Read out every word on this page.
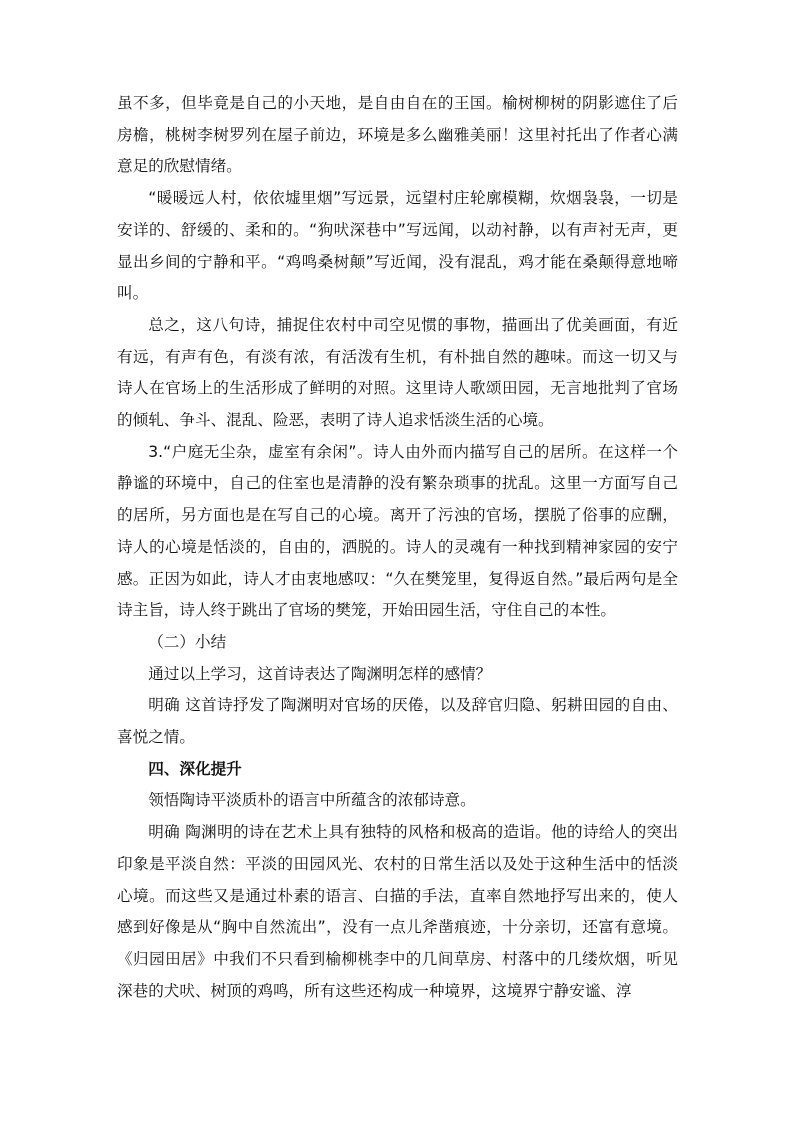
虽不多，但毕竟是自己的小天地，是自由自在的王国。榆树柳树的阴影遮住了后房檐，桃树李树罗列在屋子前边，环境是多么幽雅美丽！这里衬托出了作者心满意足的欣慰情绪。

“暖暖远人村，依依墟里烟”写远景，远望村庄轮廓模糊，炊烟袅袅，一切是安详的、舒缓的、柔和的。“狗吠深巷中”写远闻，以动衬静，以有声衬无声，更显出乡间的宁静和平。“鸡鸣桑树颠”写近闻，没有混乱，鸡才能在桑颠得意地啼叫。

总之，这八句诗，捕捉住农村中司空见惯的事物，描画出了优美画面，有近有远，有声有色，有淡有浓，有活泼有生机，有朴拙自然的趣味。而这一切又与诗人在官场上的生活形成了鲜明的对照。这里诗人歌颂田园，无言地批判了官场的倾轧、争斗、混乱、险恶，表明了诗人追求恬淡生活的心境。

3.“户庭无尘杂，虚室有余闲”。诗人由外而内描写自己的居所。在这样一个静谧的环境中，自己的住室也是清静的没有繁杂琐事的扰乱。这里一方面写自己的居所，另方面也是在写自己的心境。离开了污浊的官场，摆脱了俗事的应酬，诗人的心境是恬淡的，自由的，洒脱的。诗人的灵魂有一种找到精神家园的安宁感。正因为如此，诗人才由衷地感叹：“久在樊笼里，复得返自然。”最后两句是全诗主旨，诗人终于跳出了官场的樊笼，开始田园生活，守住自己的本性。

（二）小结

通过以上学习，这首诗表达了陶渊明怎样的感情？

明确 这首诗抒发了陶渊明对官场的厌倦，以及辞官归隐、躬耕田园的自由、喜悦之情。

四、深化提升

领悟陶诗平淡质朴的语言中所蕴含的浓郁诗意。

明确 陶渊明的诗在艺术上具有独特的风格和极高的造诣。他的诗给人的突出印象是平淡自然：平淡的田园风光、农村的日常生活以及处于这种生活中的恬淡心境。而这些又是通过朴素的语言、白描的手法，直率自然地抒写出来的，使人感到好像是从“胸中自然流出”，没有一点儿斧凿痕迹，十分亲切，还富有意境。《归园田居》中我们不只看到榆柳桃李中的几间草房、村落中的几缕炊烟，听见深巷的犬吠、树顶的鸡鸣，所有这些还构成一种境界，这境界宁静安谧、淳
